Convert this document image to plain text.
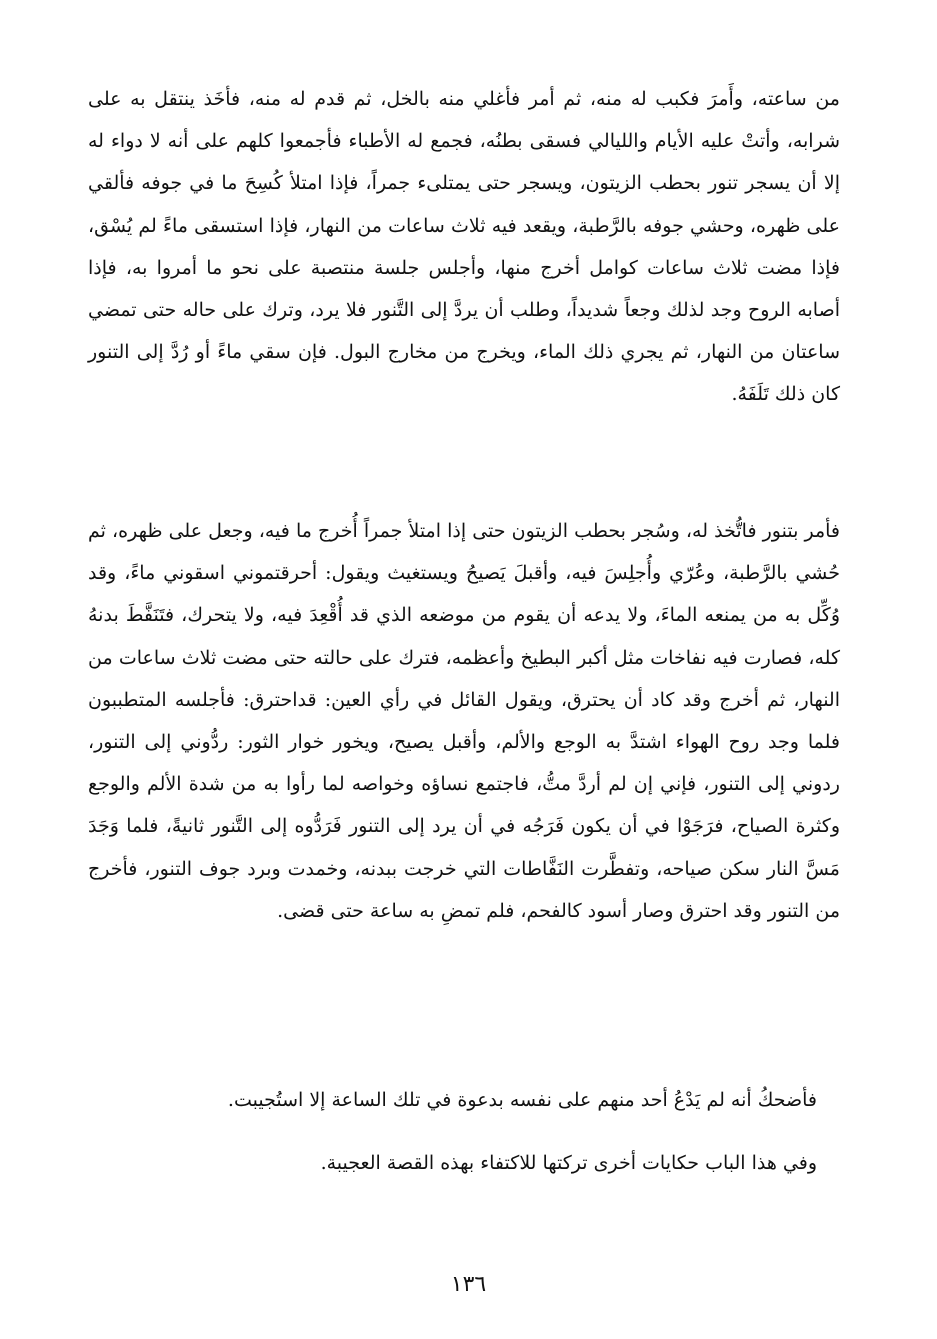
من ساعته، وأَمرَ فكبب له منه، ثم أمر فأغلي منه بالخل، ثم قدم له منه، فأخَذ ينتقل به على شرابه، وأتتْ عليه الأيام والليالي فسقى بطنُه، فجمع له الأطباء فأجمعوا كلهم على أنه لا دواء له إلا أن يسجر تنور بحطب الزيتون، ويسجر حتى يمتلىء جمراً، فإذا امتلأ كُسِحَ ما في جوفه فألقي على ظهره، وحشي جوفه بالرَّطبة، ويقعد فيه ثلاث ساعات من النهار، فإذا استسقى ماءً لم يُسْق، فإذا مضت ثلاث ساعات كوامل أخرج منها، وأجلس جلسة منتصبة على نحو ما أمروا به، فإذا أصابه الروح وجد لذلك وجعاً شديداً، وطلب أن يردَّ إلى التَّنور فلا يرد، وترك على حاله حتى تمضي ساعتان من النهار، ثم يجري ذلك الماء، ويخرج من مخارج البول. فإن سقي ماءً أو رُدَّ إلى التنور كان ذلك تَلَفَهُ.

فأمر بتنور فاتُّخذ له، وسُجر بحطب الزيتون حتى إذا امتلأ جمراً أُخرج ما فيه، وجعل على ظهره، ثم حُشي بالرَّطبة، وعُرّي وأُجلِسَ فيه، وأقبلَ يَصيحُ ويستغيث ويقول: أحرقتموني اسقوني ماءً، وقد وُكِّل به من يمنعه الماءَ، ولا يدعه أن يقوم من موضعه الذي قد أُقْعِدَ فيه، ولا يتحرك، فتَنَفَّطَ بدنهُ كله، فصارت فيه نفاخات مثل أكبر البطيخ وأعظمه، فترك على حالته حتى مضت ثلاث ساعات من النهار، ثم أخرج وقد كاد أن يحترق، ويقول القائل في رأي العين: قداحترق: فأجلسه المتطببون فلما وجد روح الهواء اشتدَّ به الوجع والألم، وأقبل يصيح، ويخور خوار الثور: ردُّوني إلى التنور، ردوني إلى التنور، فإني إن لم أردَّ متُّ، فاجتمع نساؤه وخواصه لما رأوا به من شدة الألم والوجع وكثرة الصياح، فرَجَوْا في أن يكون فَرَجُه في أن يرد إلى التنور فَرَدُّوه إلى التَّنور ثانيةً، فلما وَجَدَ مَسَّ النار سكن صياحه، وتفطَّرت النَفَّاطات التي خرجت ببدنه، وخمدت وبرد جوف التنور، فأخرج من التنور وقد احترق وصار أسود كالفحم، فلم تمضِ به ساعة حتى قضى.

فأضحكُ أنه لم يَدْعُ أحد منهم على نفسه بدعوة في تلك الساعة إلا استُجيبت.

وفي هذا الباب حكايات أخرى تركتها للاكتفاء بهذه القصة العجيبة.

١٣٦
